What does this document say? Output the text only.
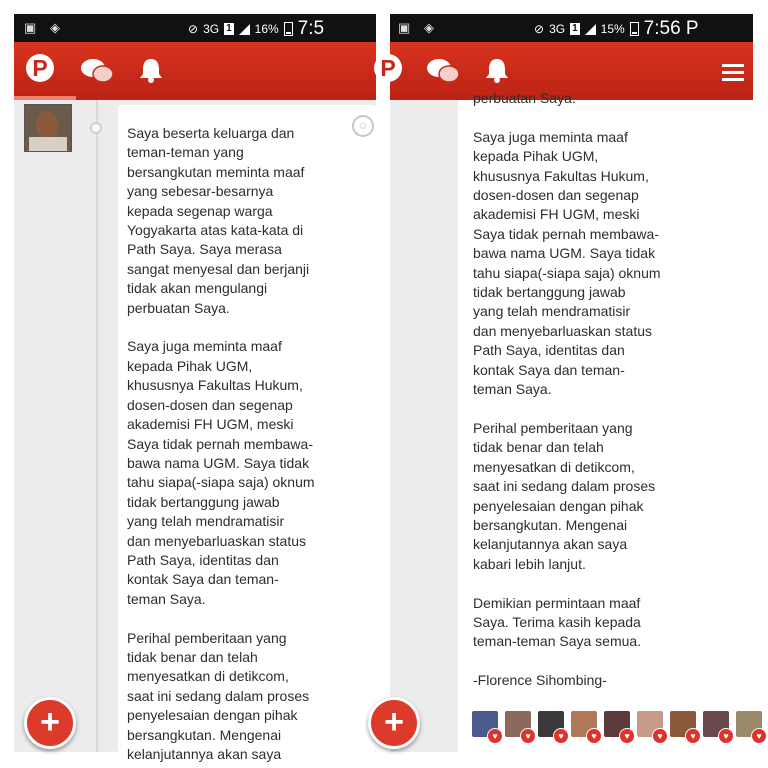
▣ ◈	⊘ 3G 1 16% 7:5
P
Saya beserta keluarga dan
teman-teman yang
bersangkutan meminta maaf
yang sebesar-besarnya
kepada segenap warga
Yogyakarta atas kata-kata di
Path Saya. Saya merasa
sangat menyesal dan berjanji
tidak akan mengulangi
perbuatan Saya.

Saya juga meminta maaf
kepada Pihak UGM,
khususnya Fakultas Hukum,
dosen-dosen dan segenap
akademisi FH UGM, meski
Saya tidak pernah membawa-
bawa nama UGM. Saya tidak
tahu siapa(-siapa saja) oknum
tidak bertanggung jawab
yang telah mendramatisir
dan menyebarluaskan status
Path Saya, identitas dan
kontak Saya dan teman-
teman Saya.

Perihal pemberitaan yang
tidak benar dan telah
menyesatkan di detikcom,
saat ini sedang dalam proses
penyelesaian dengan pihak
bersangkutan. Mengenai
kelanjutannya akan saya
☺
+
▣ ◈	⊘ 3G 1 15% 7:56 P
P
perbuatan Saya.

Saya juga meminta maaf
kepada Pihak UGM,
khususnya Fakultas Hukum,
dosen-dosen dan segenap
akademisi FH UGM, meski
Saya tidak pernah membawa-
bawa nama UGM. Saya tidak
tahu siapa(-siapa saja) oknum
tidak bertanggung jawab
yang telah mendramatisir
dan menyebarluaskan status
Path Saya, identitas dan
kontak Saya dan teman-
teman Saya.

Perihal pemberitaan yang
tidak benar dan telah
menyesatkan di detikcom,
saat ini sedang dalam proses
penyelesaian dengan pihak
bersangkutan. Mengenai
kelanjutannya akan saya
kabari lebih lanjut.

Demikian permintaan maaf
Saya. Terima kasih kepada
teman-teman Saya semua.

-Florence Sihombing-
♥	♥	♥	♥	♥	♥	♥	♥	♥
+
